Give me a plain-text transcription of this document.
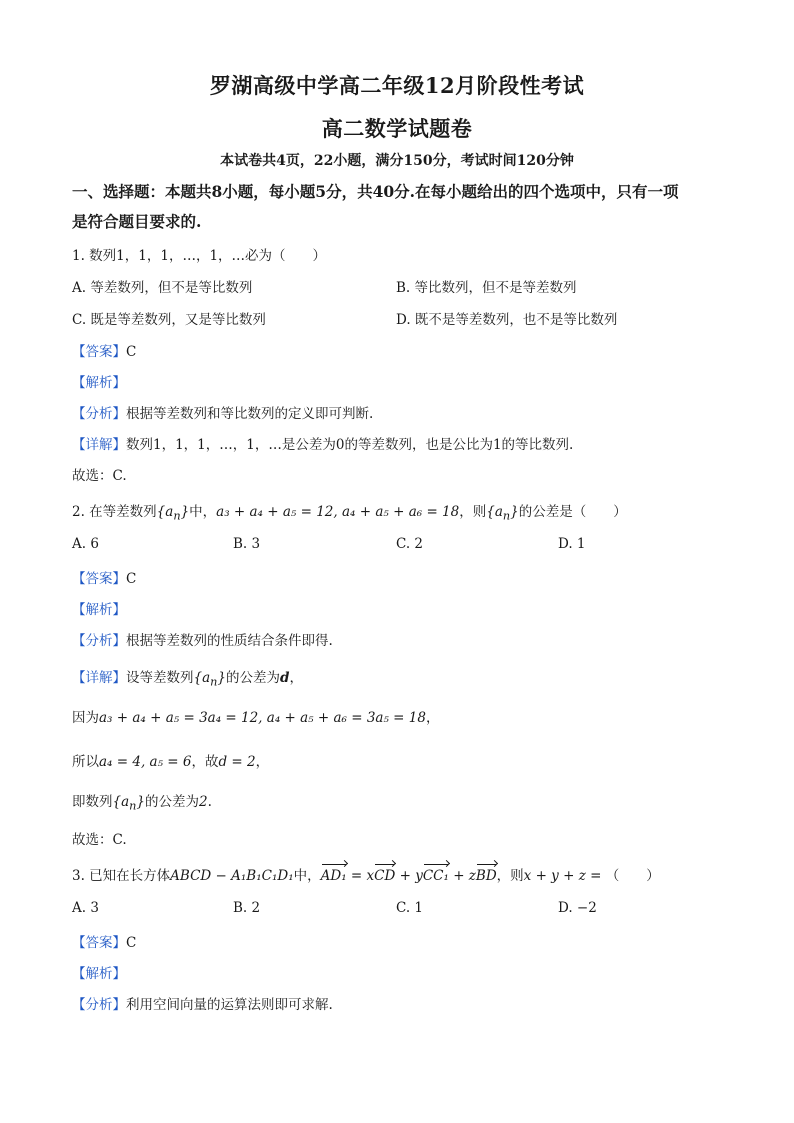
罗湖高级中学高二年级12月阶段性考试
高二数学试题卷
本试卷共4页，22小题，满分150分，考试时间120分钟
一、选择题：本题共8小题，每小题5分，共40分.在每小题给出的四个选项中，只有一项
是符合题目要求的.
1. 数列1，1，1，…，1，…必为（　　）
A. 等差数列，但不是等比数列	B. 等比数列，但不是等差数列
C. 既是等差数列，又是等比数列	D. 既不是等差数列，也不是等比数列
【答案】C
【解析】
【分析】根据等差数列和等比数列的定义即可判断.
【详解】数列1，1，1，…，1，…是公差为0的等差数列，也是公比为1的等比数列.
故选：C.
2. 在等差数列$\{a_n\}$中，a₃ + a₄ + a₅ = 12, a₄ + a₅ + a₆ = 18，则$\{a_n\}$的公差是（　　）
A. 6	B. 3	C. 2	D. 1
【答案】C
【解析】
【分析】根据等差数列的性质结合条件即得.
【详解】设等差数列$\{a_n\}$的公差为d，
因为a₃ + a₄ + a₅ = 3a₄ = 12, a₄ + a₅ + a₆ = 3a₅ = 18，
所以a₄ = 4, a₅ = 6，故d = 2，
即数列$\{a_n\}$的公差为2.
故选：C.
3. 已知在长方体ABCD − A₁B₁C₁D₁中，AD₁ = xCD + yCC₁ + zBD，则x + y + z = （　　）
A. 3	B. 2	C. 1	D. −2
【答案】C
【解析】
【分析】利用空间向量的运算法则即可求解.
